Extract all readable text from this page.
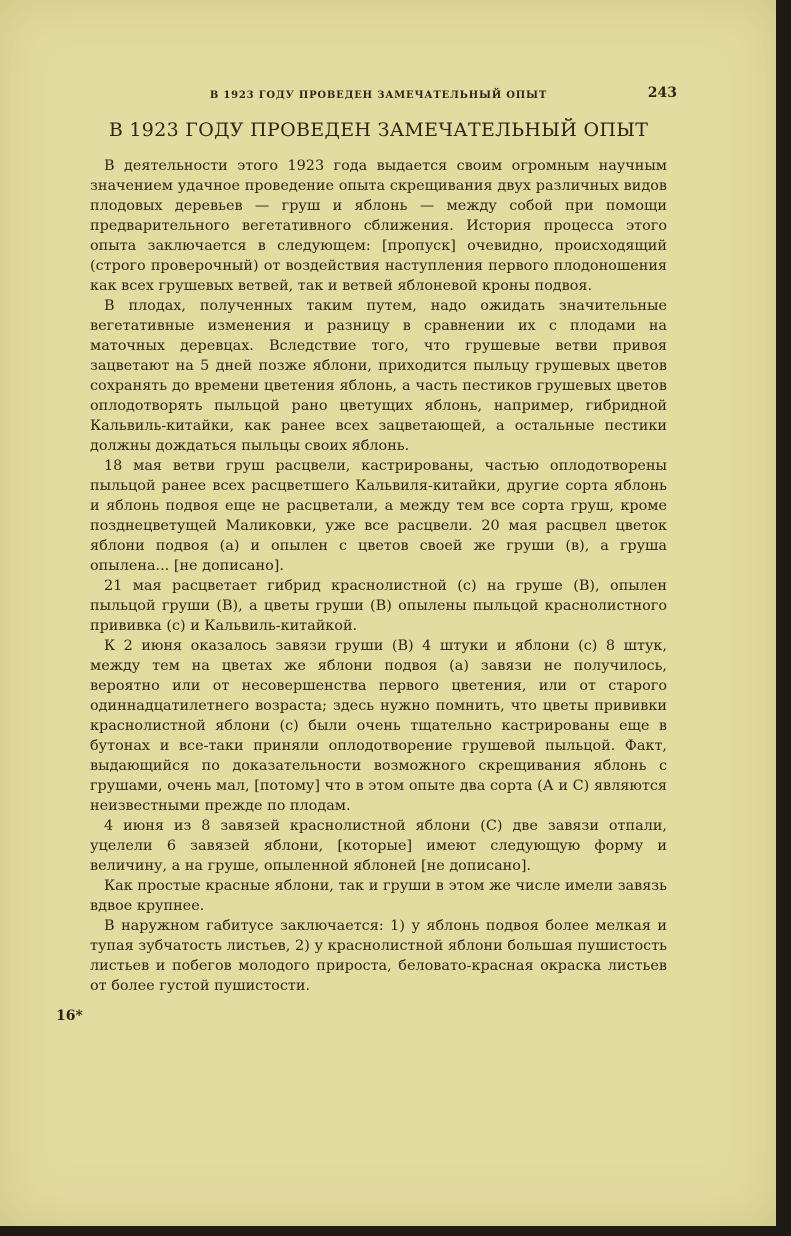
В 1923 ГОДУ ПРОВЕДЕН ЗАМЕЧАТЕЛЬНЫЙ ОПЫТ	243
В 1923 ГОДУ ПРОВЕДЕН ЗАМЕЧАТЕЛЬНЫЙ ОПЫТ

В деятельности этого 1923 года выдается своим огромным научным значением удачное проведение опыта скрещивания двух различных видов плодовых деревьев — груш и яблонь — между собой при помощи предварительного вегетативного сближения. История процесса этого опыта заключается в следующем: [пропуск] очевидно, происходящий (строго проверочный) от воздействия наступления первого плодоношения как всех грушевых ветвей, так и ветвей яблоневой кроны подвоя.

В плодах, полученных таким путем, надо ожидать значительные вегетативные изменения и разницу в сравнении их с плодами на маточных деревцах. Вследствие того, что грушевые ветви привоя зацветают на 5 дней позже яблони, приходится пыльцу грушевых цветов сохранять до времени цветения яблонь, а часть пестиков грушевых цветов оплодотворять пыльцой рано цветущих яблонь, например, гибридной Кальвиль-китайки, как ранее всех зацветающей, а остальные пестики должны дождаться пыльцы своих яблонь.

18 мая ветви груш расцвели, кастрированы, частью оплодотворены пыльцой ранее всех расцветшего Кальвиля-китайки, другие сорта яблонь и яблонь подвоя еще не расцветали, а между тем все сорта груш, кроме позднецветущей Маликовки, уже все расцвели. 20 мая расцвел цветок яблони подвоя (а) и опылен с цветов своей же груши (в), а груша опылена... [не дописано].

21 мая расцветает гибрид краснолистной (с) на груше (В), опылен пыльцой груши (В), а цветы груши (В) опылены пыльцой краснолистного прививка (с) и Кальвиль-китайкой.

К 2 июня оказалось завязи груши (В) 4 штуки и яблони (с) 8 штук, между тем на цветах же яблони подвоя (а) завязи не получилось, вероятно или от несовершенства первого цветения, или от старого одиннадцатилетнего возраста; здесь нужно помнить, что цветы прививки краснолистной яблони (с) были очень тщательно кастрированы еще в бутонах и все-таки приняли оплодотворение грушевой пыльцой. Факт, выдающийся по доказательности возможного скрещивания яблонь с грушами, очень мал, [потому] что в этом опыте два сорта (А и С) являются неизвестными прежде по плодам.

4 июня из 8 завязей краснолистной яблони (С) две завязи отпали, уцелели 6 завязей яблони, [которые] имеют следующую форму и величину, а на груше, опыленной яблоней [не дописано].

Как простые красные яблони, так и груши в этом же числе имели завязь вдвое крупнее.

В наружном габитусе заключается: 1) у яблонь подвоя более мелкая и тупая зубчатость листьев, 2) у краснолистной яблони большая пушистость листьев и побегов молодого прироста, беловато-красная окраска листьев от более густой пушистости.

16*
